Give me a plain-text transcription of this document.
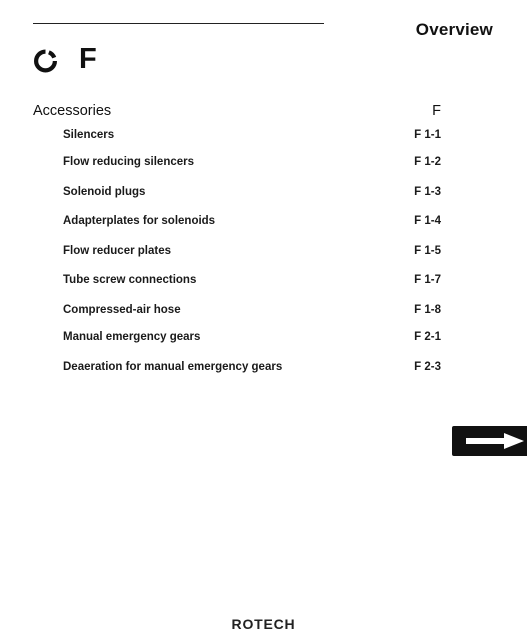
Overview
F
Accessories	F
Silencers	F 1-1
Flow reducing silencers	F 1-2
Solenoid plugs	F 1-3
Adapterplates for solenoids	F 1-4
Flow reducer plates	F 1-5
Tube screw connections	F 1-7
Compressed-air hose	F 1-8
Manual emergency gears	F 2-1
Deaeration for manual emergency gears	F 2-3
ROTECH
